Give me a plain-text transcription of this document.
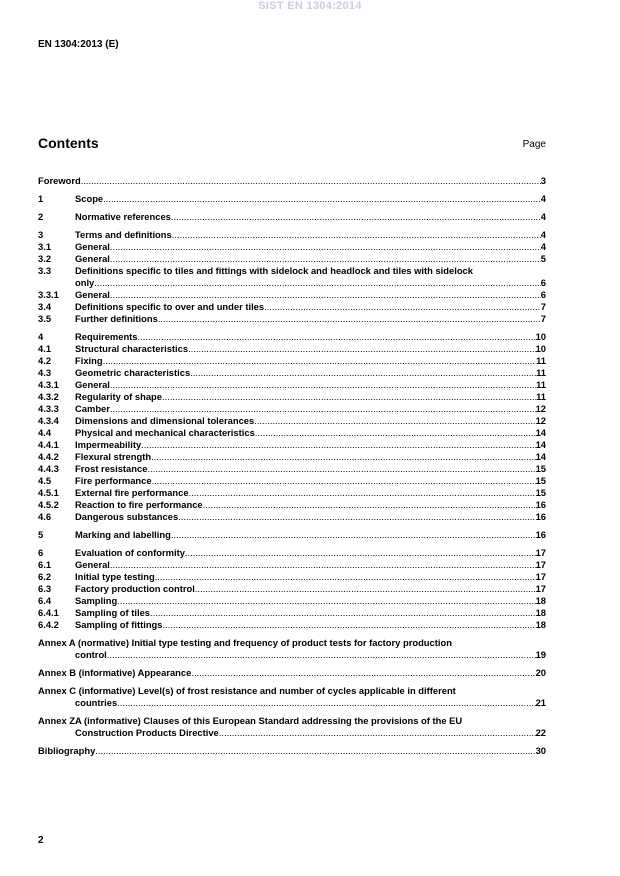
SIST EN 1304:2014
EN 1304:2013 (E)
Contents	Page
Foreword .....	3
1	Scope .....	4
2	Normative references .....	4
3	Terms and definitions .....	4
3.1	General .....	4
3.2	General .....	5
3.3	Definitions specific to tiles and fittings with sidelock and headlock and tiles with sidelock
only .....	6
3.3.1	General .....	6
3.4	Definitions specific to over and under tiles .....	7
3.5	Further definitions .....	7
4	Requirements .....	10
4.1	Structural characteristics .....	10
4.2	Fixing .....	11
4.3	Geometric characteristics .....	11
4.3.1	General .....	11
4.3.2	Regularity of shape .....	11
4.3.3	Camber .....	12
4.3.4	Dimensions and dimensional tolerances .....	12
4.4	Physical and mechanical characteristics .....	14
4.4.1	Impermeability .....	14
4.4.2	Flexural strength .....	14
4.4.3	Frost resistance .....	15
4.5	Fire performance .....	15
4.5.1	External fire performance .....	15
4.5.2	Reaction to fire performance .....	16
4.6	Dangerous substances .....	16
5	Marking and labelling .....	16
6	Evaluation of conformity .....	17
6.1	General .....	17
6.2	Initial type testing .....	17
6.3	Factory production control .....	17
6.4	Sampling .....	18
6.4.1	Sampling of tiles .....	18
6.4.2	Sampling of fittings .....	18
Annex A (normative) Initial type testing and frequency of product tests for factory production
control .....	19
Annex B (informative) Appearance .....	20
Annex C (informative) Level(s) of frost resistance and number of cycles applicable in different
countries .....	21
Annex ZA (informative) Clauses of this European Standard addressing the provisions of the EU
Construction Products Directive .....	22
Bibliography .....	30
2
